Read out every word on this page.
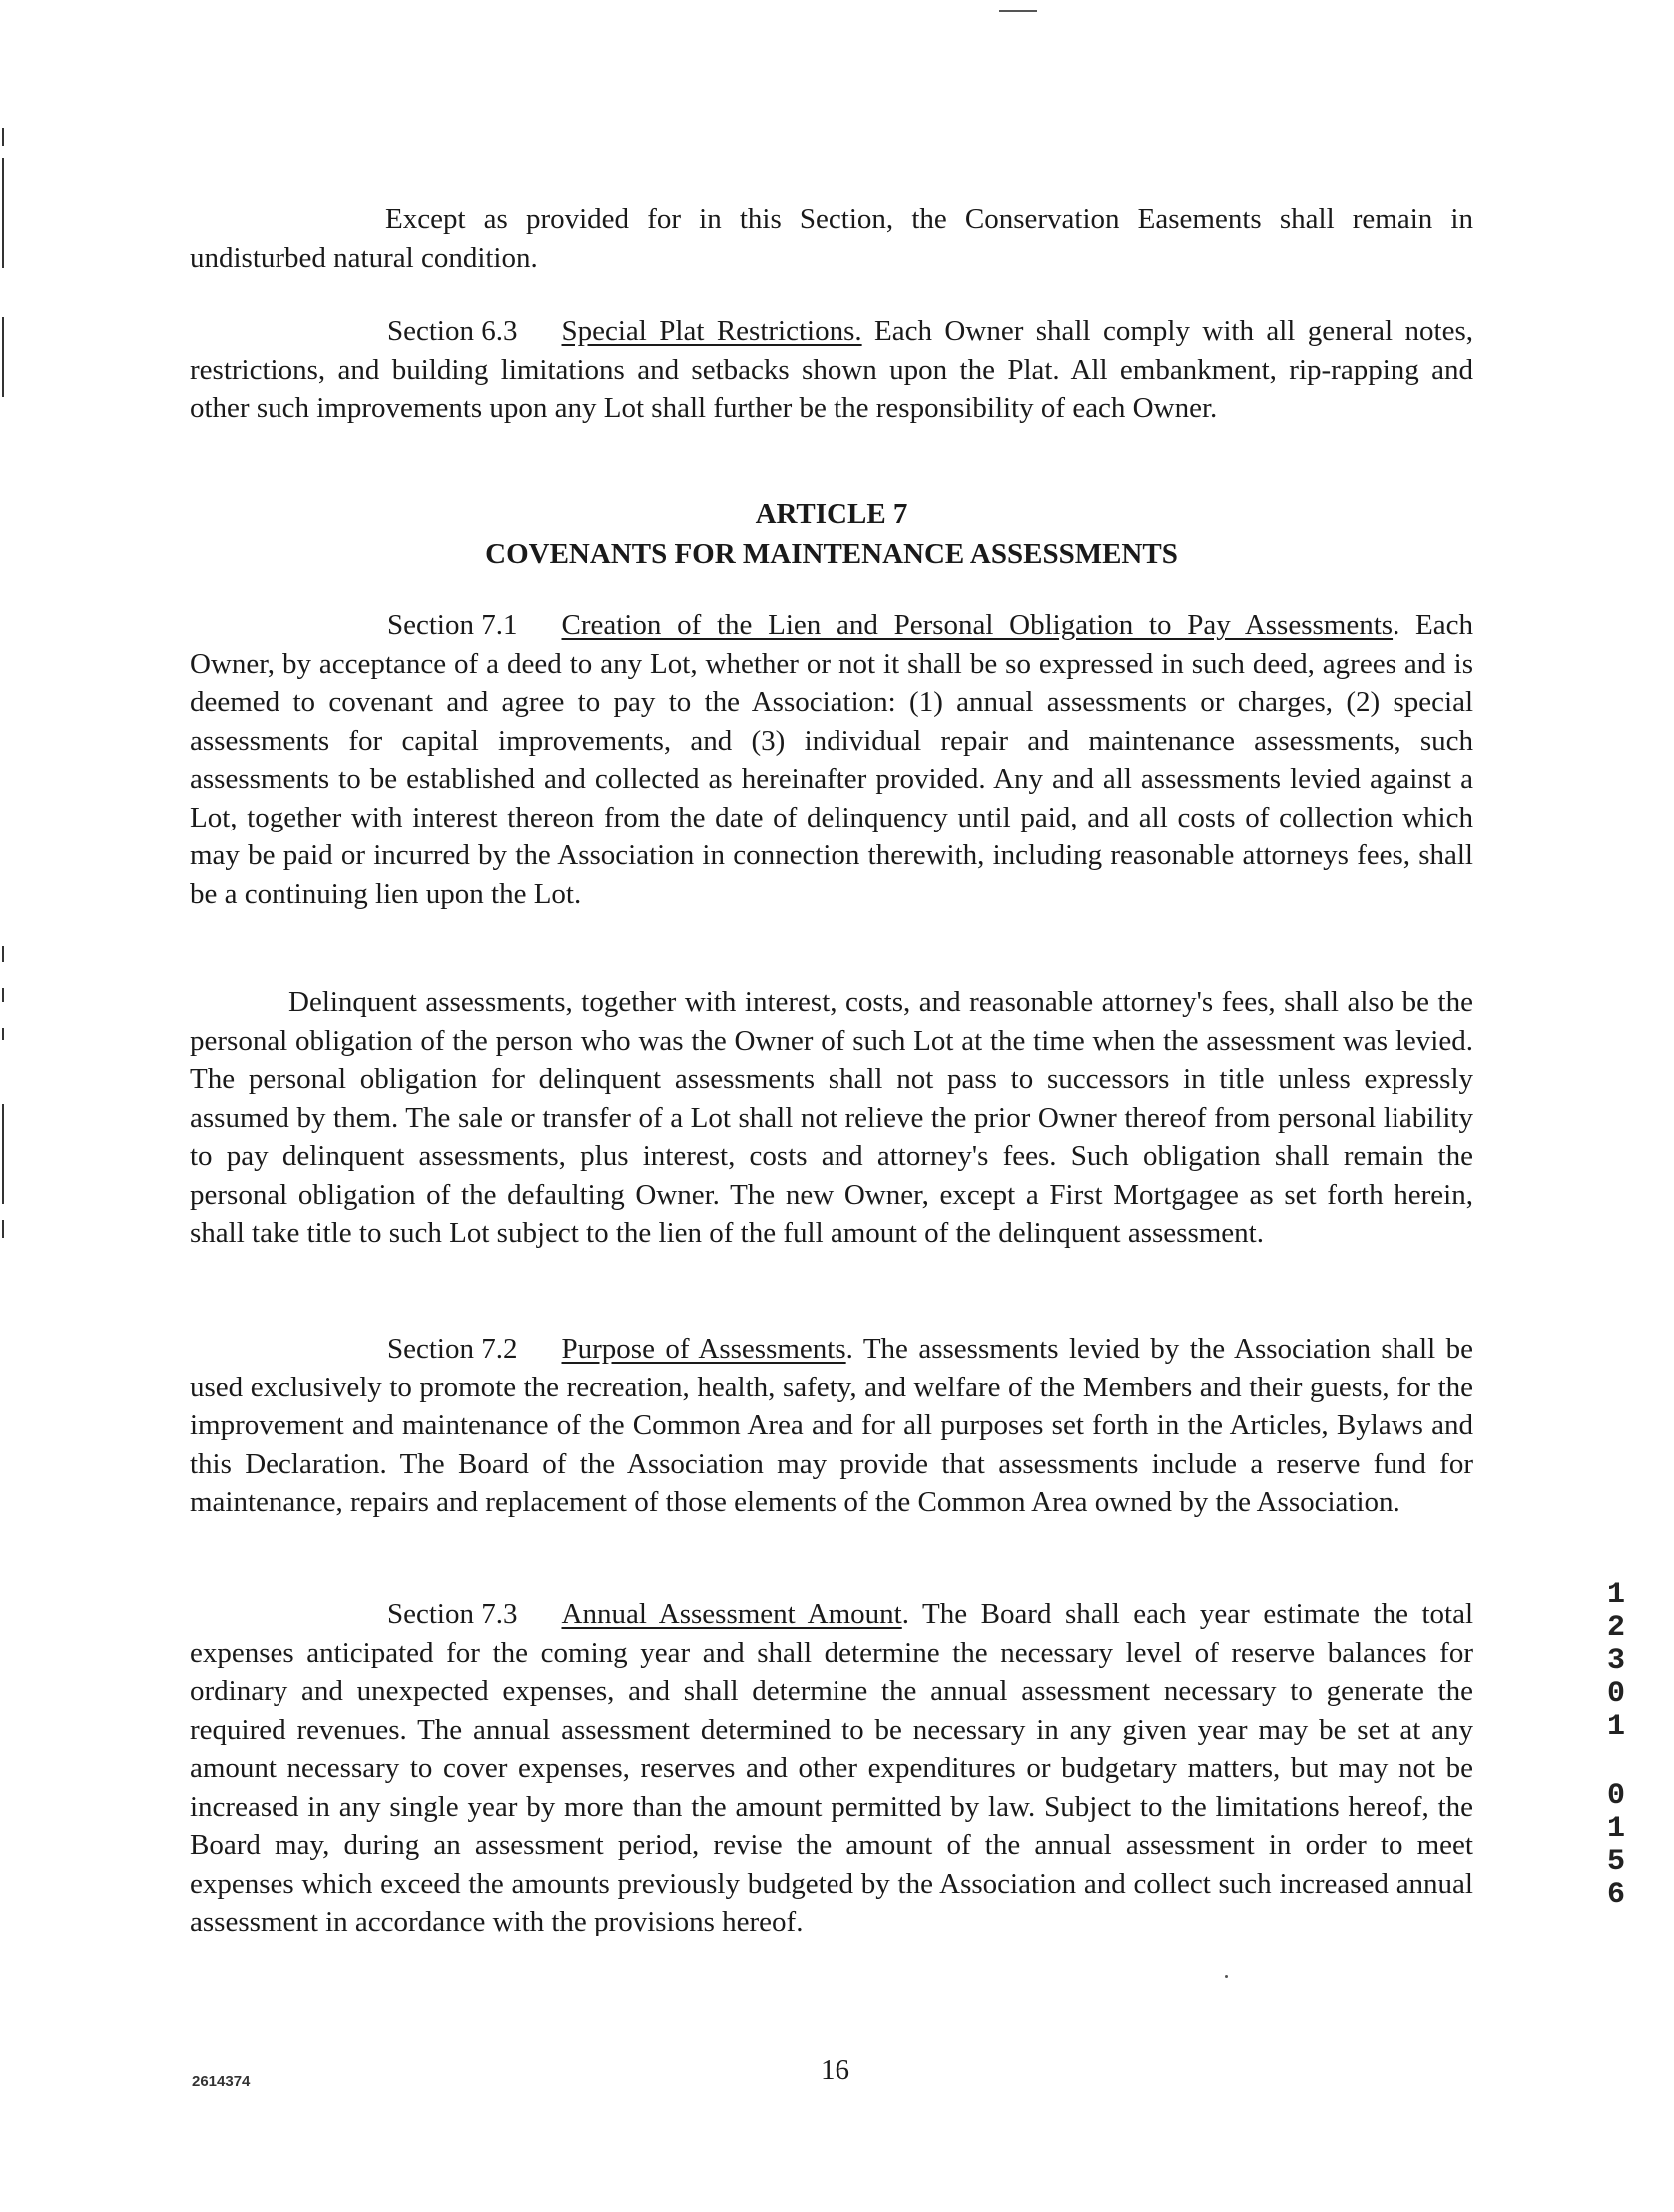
Except as provided for in this Section, the Conservation Easements shall remain in undisturbed natural condition.

Section 6.3 Special Plat Restrictions. Each Owner shall comply with all general notes, restrictions, and building limitations and setbacks shown upon the Plat. All embankment, rip-rapping and other such improvements upon any Lot shall further be the responsibility of each Owner.

ARTICLE 7

COVENANTS FOR MAINTENANCE ASSESSMENTS

Section 7.1 Creation of the Lien and Personal Obligation to Pay Assessments. Each Owner, by acceptance of a deed to any Lot, whether or not it shall be so expressed in such deed, agrees and is deemed to covenant and agree to pay to the Association: (1) annual assessments or charges, (2) special assessments for capital improvements, and (3) individual repair and maintenance assessments, such assessments to be established and collected as hereinafter provided. Any and all assessments levied against a Lot, together with interest thereon from the date of delinquency until paid, and all costs of collection which may be paid or incurred by the Association in connection therewith, including reasonable attorneys fees, shall be a continuing lien upon the Lot.

Delinquent assessments, together with interest, costs, and reasonable attorney's fees, shall also be the personal obligation of the person who was the Owner of such Lot at the time when the assessment was levied. The personal obligation for delinquent assessments shall not pass to successors in title unless expressly assumed by them. The sale or transfer of a Lot shall not relieve the prior Owner thereof from personal liability to pay delinquent assessments, plus interest, costs and attorney's fees. Such obligation shall remain the personal obligation of the defaulting Owner. The new Owner, except a First Mortgagee as set forth herein, shall take title to such Lot subject to the lien of the full amount of the delinquent assessment.

Section 7.2 Purpose of Assessments. The assessments levied by the Association shall be used exclusively to promote the recreation, health, safety, and welfare of the Members and their guests, for the improvement and maintenance of the Common Area and for all purposes set forth in the Articles, Bylaws and this Declaration. The Board of the Association may provide that assessments include a reserve fund for maintenance, repairs and replacement of those elements of the Common Area owned by the Association.

Section 7.3 Annual Assessment Amount. The Board shall each year estimate the total expenses anticipated for the coming year and shall determine the necessary level of reserve balances for ordinary and unexpected expenses, and shall determine the annual assessment necessary to generate the required revenues. The annual assessment determined to be necessary in any given year may be set at any amount necessary to cover expenses, reserves and other expenditures or budgetary matters, but may not be increased in any single year by more than the amount permitted by law. Subject to the limitations hereof, the Board may, during an assessment period, revise the amount of the annual assessment in order to meet expenses which exceed the amounts previously budgeted by the Association and collect such increased annual assessment in accordance with the provisions hereof.

1
2
3
0
1
0
1
5
6
2614374	16
